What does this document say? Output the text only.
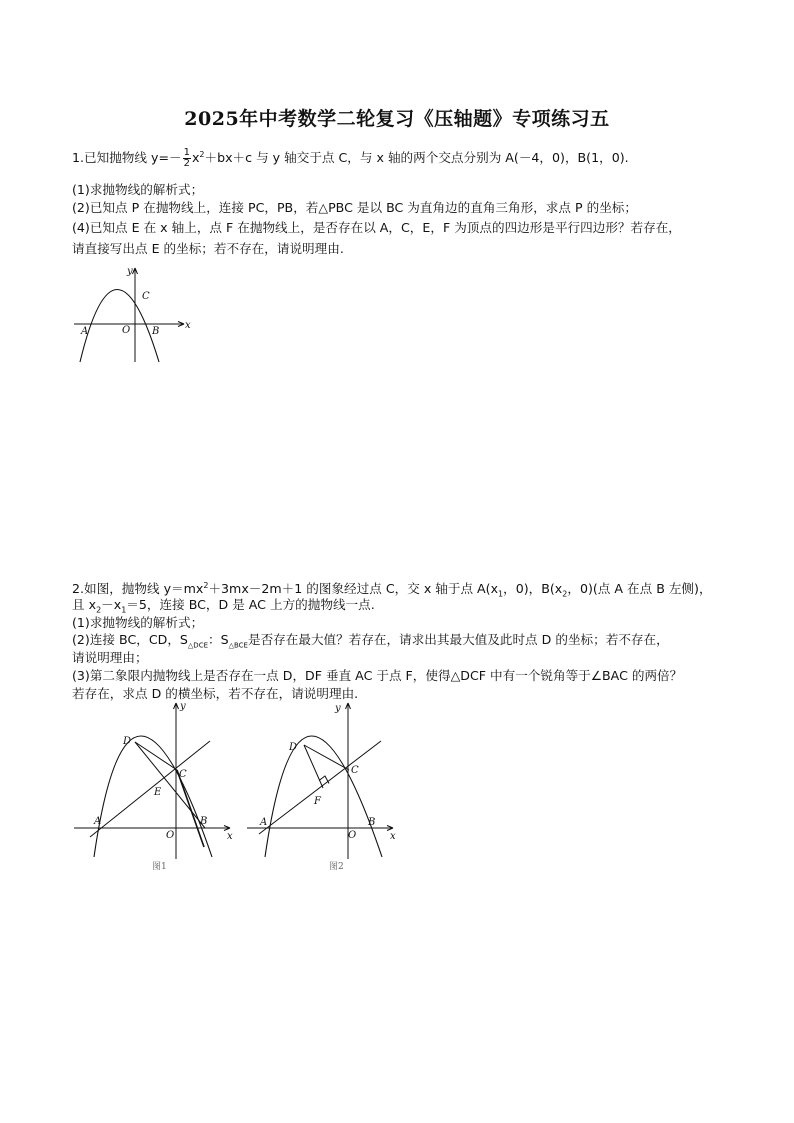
2025年中考数学二轮复习《压轴题》专项练习五
1.已知抛物线 $y=- \frac{1}{2} x^2+bx+c$ 与 y 轴交于点 C，与 x 轴的两个交点分别为 A(－4，0)，B(1，0).
(1)求抛物线的解析式；
(2)已知点 P 在抛物线上，连接 PC，PB，若△PBC 是以 BC 为直角边的直角三角形，求点 P 的坐标；
(4)已知点 E 在 x 轴上，点 F 在抛物线上，是否存在以 A，C，E，F 为顶点的四边形是平行四边形？若存在，
请直接写出点 E 的坐标；若不存在，请说明理由.
y
x
C
A	O B
2.如图，抛物线 $y=mx^2+3mx-2m+1$ 的图象经过点 C，交 x 轴于点 $A(x_1$，0)，$B(x_2$，0)(点 A 在点 B 左侧)，
且 $x_2-x_1=5$，连接 BC，D 是 AC 上方的抛物线一点.
(1)求抛物线的解析式；
(2)连接 BC，CD，$S_{\triangle DCE}$：$S_{\triangle BCE}$是否存在最大值？若存在，请求出其最大值及此时点 D 的坐标；若不存在，
请说明理由；
(3)第二象限内抛物线上是否存在一点 D，DF 垂直 AC 于点 F，使得△DCF 中有一个锐角等于∠BAC 的两倍？
若存在，求点 D 的横坐标，若不存在，请说明理由.
y
D
C
E
A
O
B
x
图1
y
D
C
F
A
O
B
x
图2
